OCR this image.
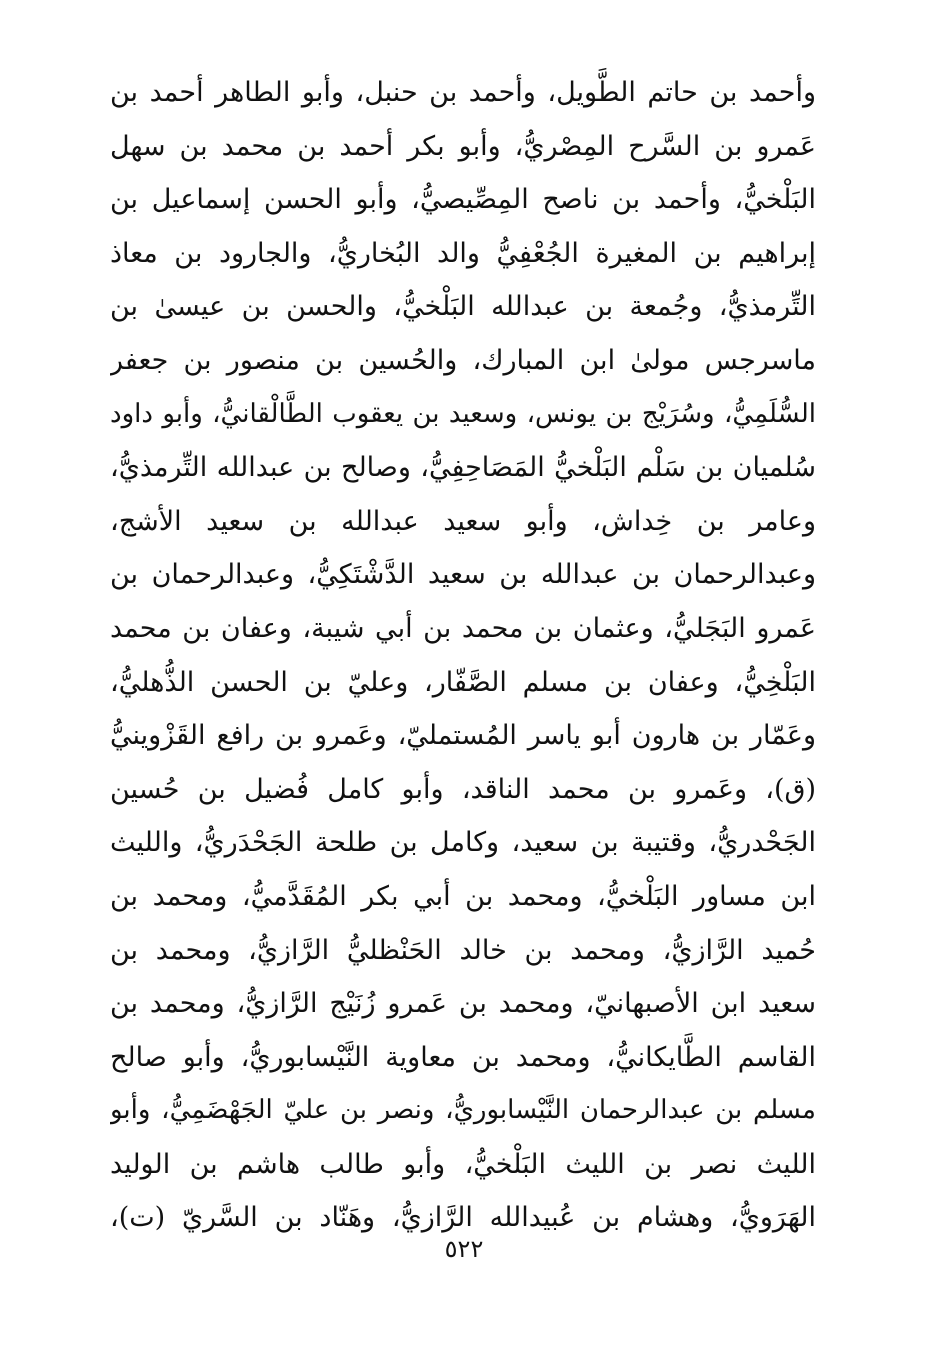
وأحمد بن حاتم الطَّويل، وأحمد بن حنبل، وأبو الطاهر أحمد بن
عَمرو بن السَّرح المِصْريُّ، وأبو بكر أحمد بن محمد بن سهل
البَلْخيُّ، وأحمد بن ناصح المِصِّيصيُّ، وأبو الحسن إسماعيل بن
إبراهيم بن المغيرة الجُعْفِيُّ والد البُخاريُّ، والجارود بن معاذ
التِّرمذيُّ، وجُمعة بن عبدالله البَلْخيُّ، والحسن بن عيسىٰ بن
ماسرجس مولىٰ ابن المبارك، والحُسين بن منصور بن جعفر
السُّلَمِيُّ، وسُرَيْج بن يونس، وسعيد بن يعقوب الطَّالْقانيُّ، وأبو داود
سُلميان بن سَلْم البَلْخيُّ المَصَاحِفِيُّ، وصالح بن عبدالله التِّرمذيُّ،
وعامر بن خِداش، وأبو سعيد عبدالله بن سعيد الأشج،
وعبدالرحمان بن عبدالله بن سعيد الدَّشْتَكِيُّ، وعبدالرحمان بن
عَمرو البَجَليُّ، وعثمان بن محمد بن أبي شيبة، وعفان بن محمد
البَلْخِيُّ، وعفان بن مسلم الصَّفّار، وعليّ بن الحسن الذُّهليُّ،
وعَمّار بن هارون أبو ياسر المُستمليّ، وعَمرو بن رافع القَزْوينيُّ
(ق)، وعَمرو بن محمد الناقد، وأبو كامل فُضيل بن حُسين
الجَحْدريُّ، وقتيبة بن سعيد، وكامل بن طلحة الجَحْدَريُّ، والليث
ابن مساور البَلْخيُّ، ومحمد بن أبي بكر المُقَدَّميُّ، ومحمد بن
حُميد الرَّازيُّ، ومحمد بن خالد الحَنْظليُّ الرَّازيُّ، ومحمد بن
سعيد ابن الأصبهانيّ، ومحمد بن عَمرو زُنَيْج الرَّازيُّ، ومحمد بن
القاسم الطَّايكانيُّ، ومحمد بن معاوية النَّيْسابوريُّ، وأبو صالح
مسلم بن عبدالرحمان النَّيْسابوريُّ، ونصر بن عليّ الجَهْضَمِيُّ، وأبو
الليث نصر بن الليث البَلْخيُّ، وأبو طالب هاشم بن الوليد
الهَرَويُّ، وهشام بن عُبيدالله الرَّازيُّ، وهَنّاد بن السَّريّ (ت)،
٥٢٢
